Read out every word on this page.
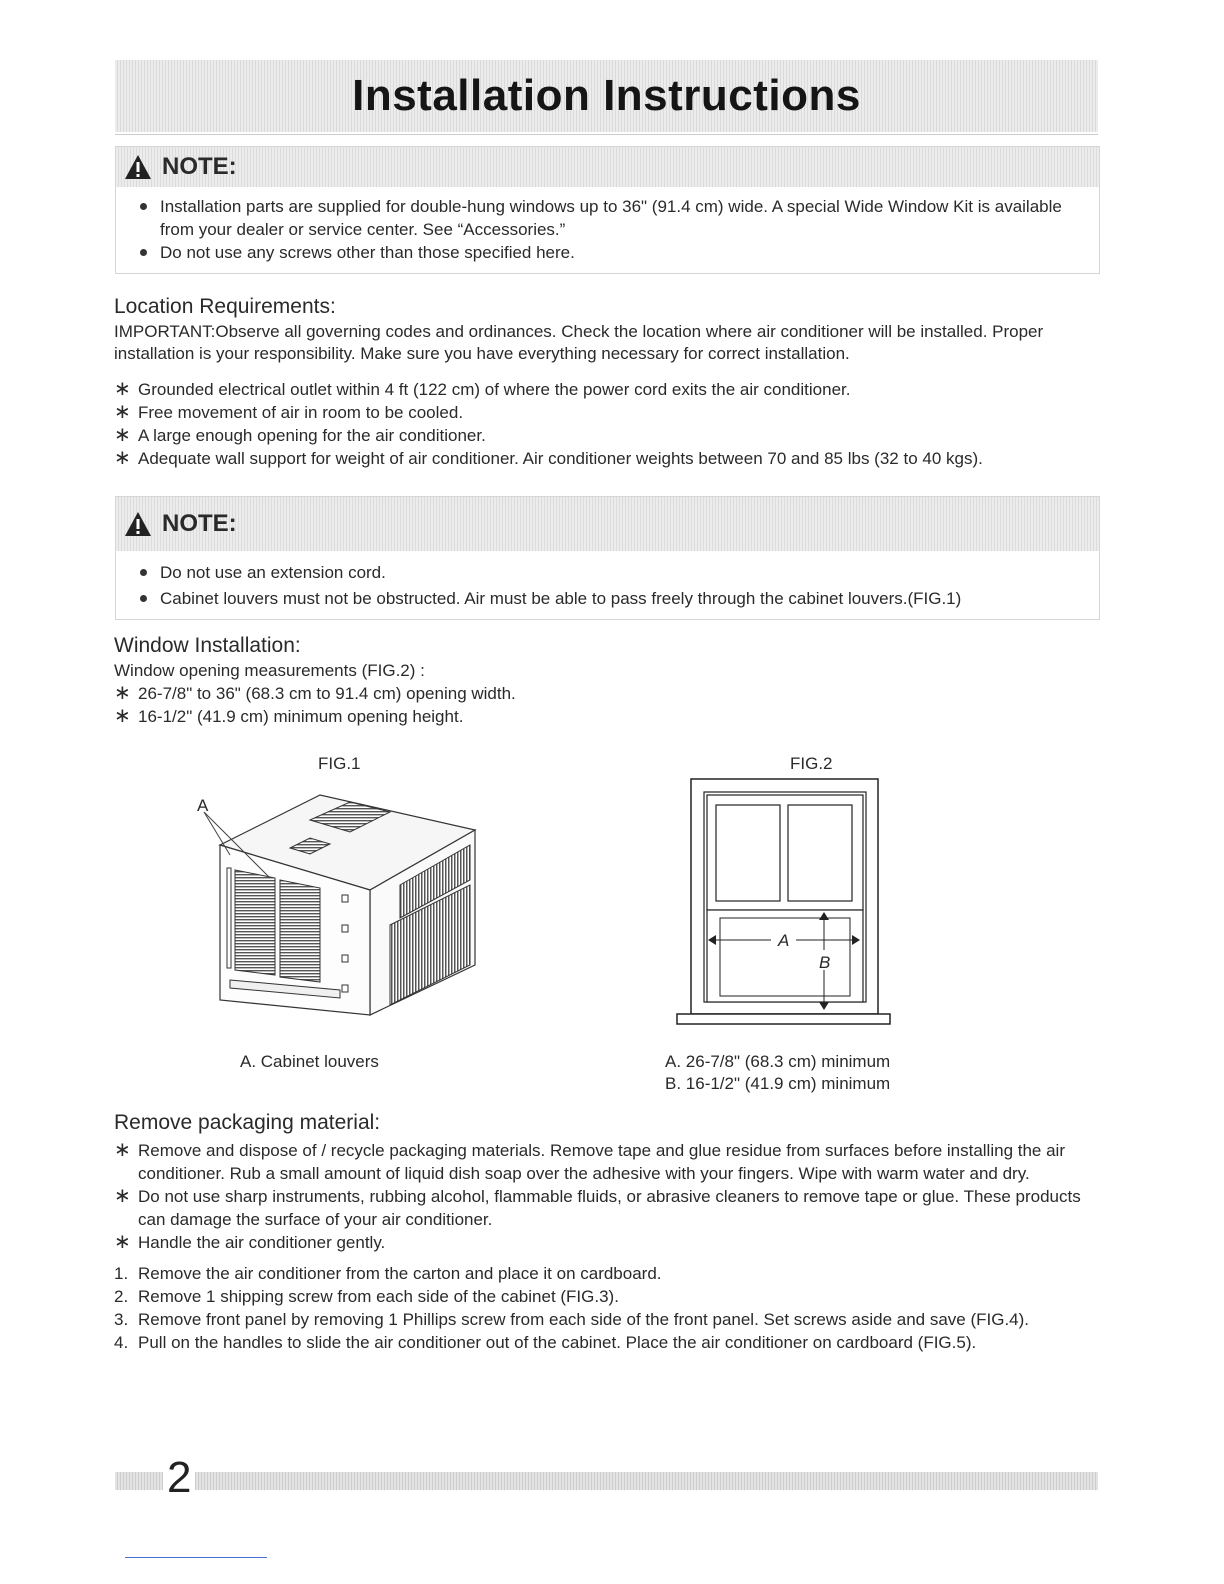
Installation Instructions
NOTE:
Installation parts are supplied for double-hung windows up to 36" (91.4 cm) wide. A special Wide Window Kit is available from your dealer or service center. See “Accessories.”
Do not use any screws other than those specified here.
Location Requirements:
IMPORTANT:Observe all governing codes and ordinances. Check the location where air conditioner will be installed. Proper installation is your responsibility. Make sure you have everything necessary for correct installation.
∗ Grounded electrical outlet within 4 ft (122 cm) of where the power cord exits the air conditioner.
∗ Free movement of air in room to be cooled.
∗ A large enough opening for the air conditioner.
∗ Adequate wall support for weight of air conditioner. Air conditioner weights between 70 and 85 lbs (32 to 40 kgs).
NOTE:
Do not use an extension cord.
Cabinet louvers must not be obstructed. Air must be able to pass freely through the cabinet louvers.(FIG.1)
Window Installation:
Window opening measurements (FIG.2) :
∗ 26-7/8" to 36" (68.3 cm to 91.4 cm) opening width.
∗ 16-1/2" (41.9 cm) minimum opening height.
FIG.1
A
A. Cabinet louvers
FIG.2
A
B
A. 26-7/8" (68.3 cm) minimum
B. 16-1/2" (41.9 cm) minimum
Remove packaging material:
∗ Remove and dispose of / recycle packaging materials. Remove tape and glue residue from surfaces before installing the air conditioner. Rub a small amount of liquid dish soap over the adhesive with your fingers. Wipe with warm water and dry.
∗ Do not use sharp instruments, rubbing alcohol, flammable fluids, or abrasive cleaners to remove tape or glue. These products can damage the surface of your air conditioner.
∗ Handle the air conditioner gently.
1. Remove the air conditioner from the carton and place it on cardboard.
2. Remove 1 shipping screw from each side of the cabinet (FIG.3).
3. Remove front panel by removing 1 Phillips screw from each side of the front panel. Set screws aside and save (FIG.4).
4. Pull on the handles to slide the air conditioner out of the cabinet. Place the air conditioner on cardboard (FIG.5).
2
